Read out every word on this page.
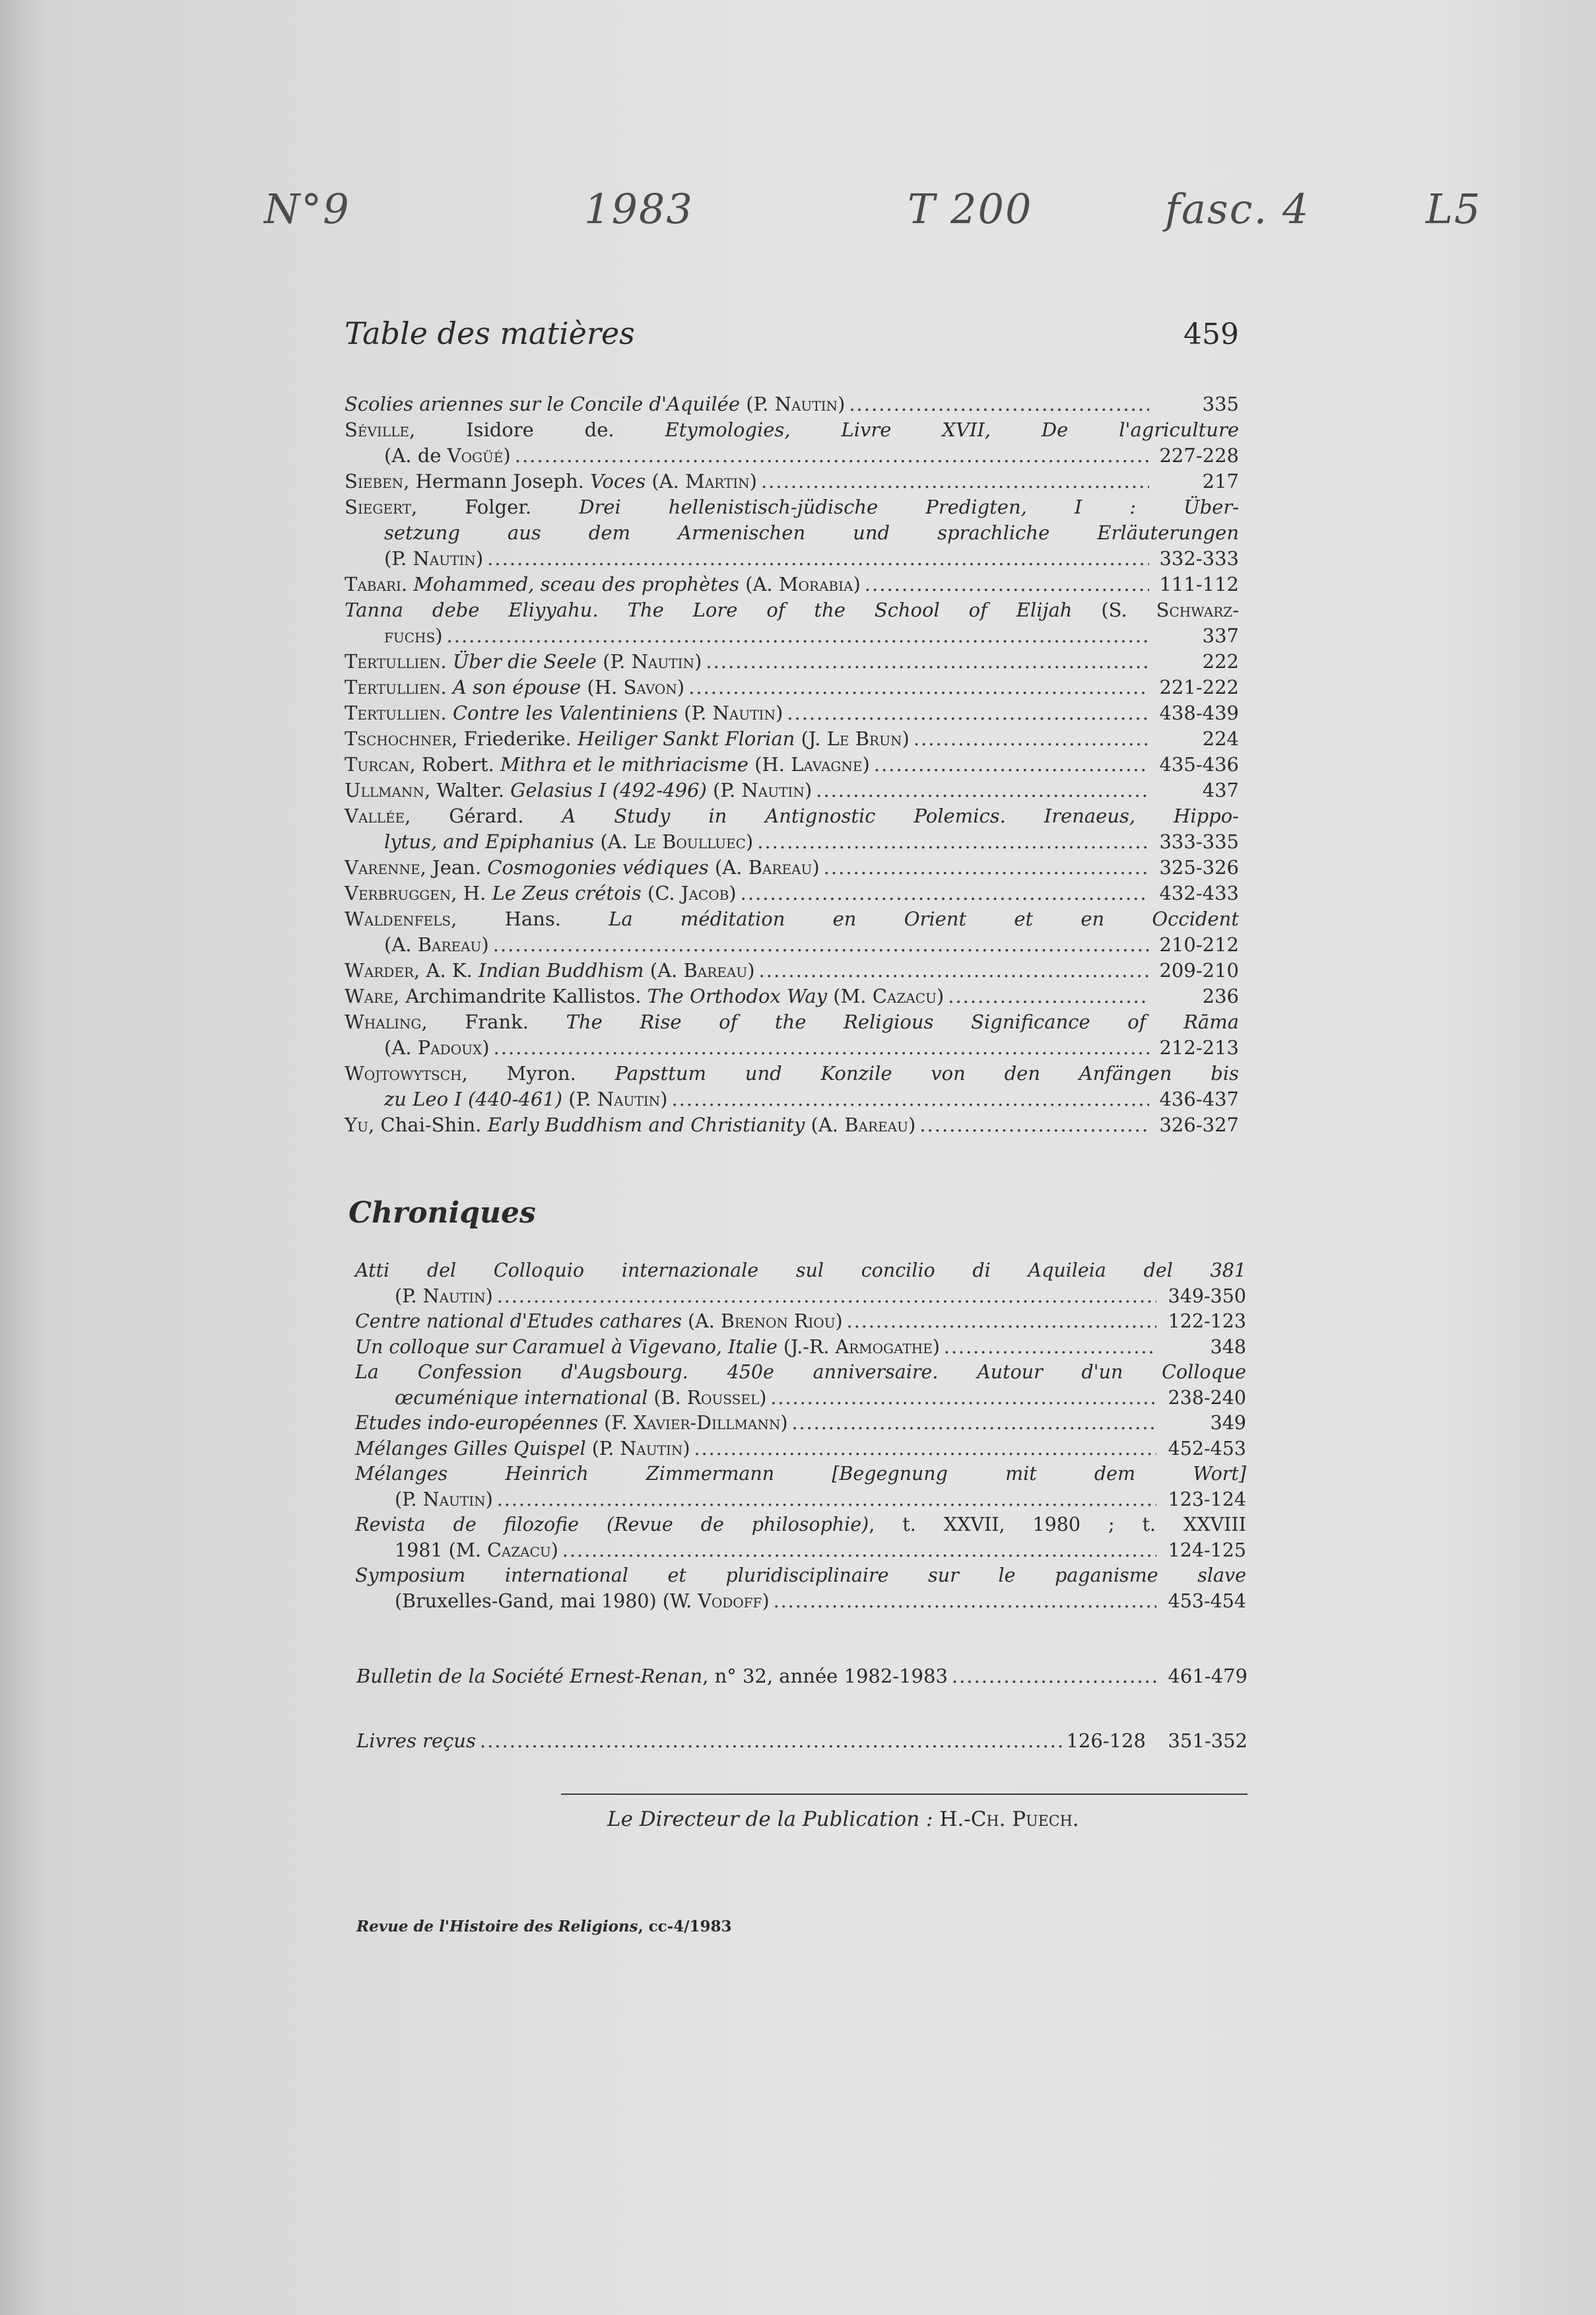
N°9	1983	T 200	fasc. 4	L5
Table des matières	459
Scolies ariennes sur le Concile d'Aquilée (P. Nautin) .....	335
Séville, Isidore de. Etymologies, Livre XVII, De l'agriculture
(A. de Vogüé) .....	227-228
Sieben, Hermann Joseph. Voces (A. Martin) .....	217
Siegert, Folger. Drei hellenistisch-jüdische Predigten, I : Über-
setzung aus dem Armenischen und sprachliche Erläuterungen
(P. Nautin) .....	332-333
Tabari. Mohammed, sceau des prophètes (A. Morabia) .....	111-112
Tanna debe Eliyyahu. The Lore of the School of Elijah (S. Schwarz-
fuchs) .....	337
Tertullien. Über die Seele (P. Nautin) .....	222
Tertullien. A son épouse (H. Savon) .....	221-222
Tertullien. Contre les Valentiniens (P. Nautin) .....	438-439
Tschochner, Friederike. Heiliger Sankt Florian (J. Le Brun) .....	224
Turcan, Robert. Mithra et le mithriacisme (H. Lavagne) .....	435-436
Ullmann, Walter. Gelasius I (492-496) (P. Nautin) .....	437
Vallée, Gérard. A Study in Antignostic Polemics. Irenaeus, Hippo-
lytus, and Epiphanius (A. Le Boulluec) .....	333-335
Varenne, Jean. Cosmogonies védiques (A. Bareau) .....	325-326
Verbruggen, H. Le Zeus crétois (C. Jacob) .....	432-433
Waldenfels, Hans. La méditation en Orient et en Occident
(A. Bareau) .....	210-212
Warder, A. K. Indian Buddhism (A. Bareau) .....	209-210
Ware, Archimandrite Kallistos. The Orthodox Way (M. Cazacu) .....	236
Whaling, Frank. The Rise of the Religious Significance of Rāma
(A. Padoux) .....	212-213
Wojtowytsch, Myron. Papsttum und Konzile von den Anfängen bis
zu Leo I (440-461) (P. Nautin) .....	436-437
Yu, Chai-Shin. Early Buddhism and Christianity (A. Bareau) .....	326-327
Chroniques
Atti del Colloquio internazionale sul concilio di Aquileia del 381
(P. Nautin) .....	349-350
Centre national d'Etudes cathares (A. Brenon Riou) .....	122-123
Un colloque sur Caramuel à Vigevano, Italie (J.-R. Armogathe) .....	348
La Confession d'Augsbourg. 450e anniversaire. Autour d'un Colloque
œcuménique international (B. Roussel) .....	238-240
Etudes indo-européennes (F. Xavier-Dillmann) .....	349
Mélanges Gilles Quispel (P. Nautin) .....	452-453
Mélanges Heinrich Zimmermann [Begegnung mit dem Wort]
(P. Nautin) .....	123-124
Revista de filozofie (Revue de philosophie), t. XXVII, 1980 ; t. XXVIII
1981 (M. Cazacu) .....	124-125
Symposium international et pluridisciplinaire sur le paganisme slave
(Bruxelles-Gand, mai 1980) (W. Vodoff) .....	453-454
Bulletin de la Société Ernest-Renan, n° 32, année 1982-1983 .....	461-479
Livres reçus .....	126-128	351-352
Le Directeur de la Publication : H.-Ch. Puech.
Revue de l'Histoire des Religions, cc-4/1983
